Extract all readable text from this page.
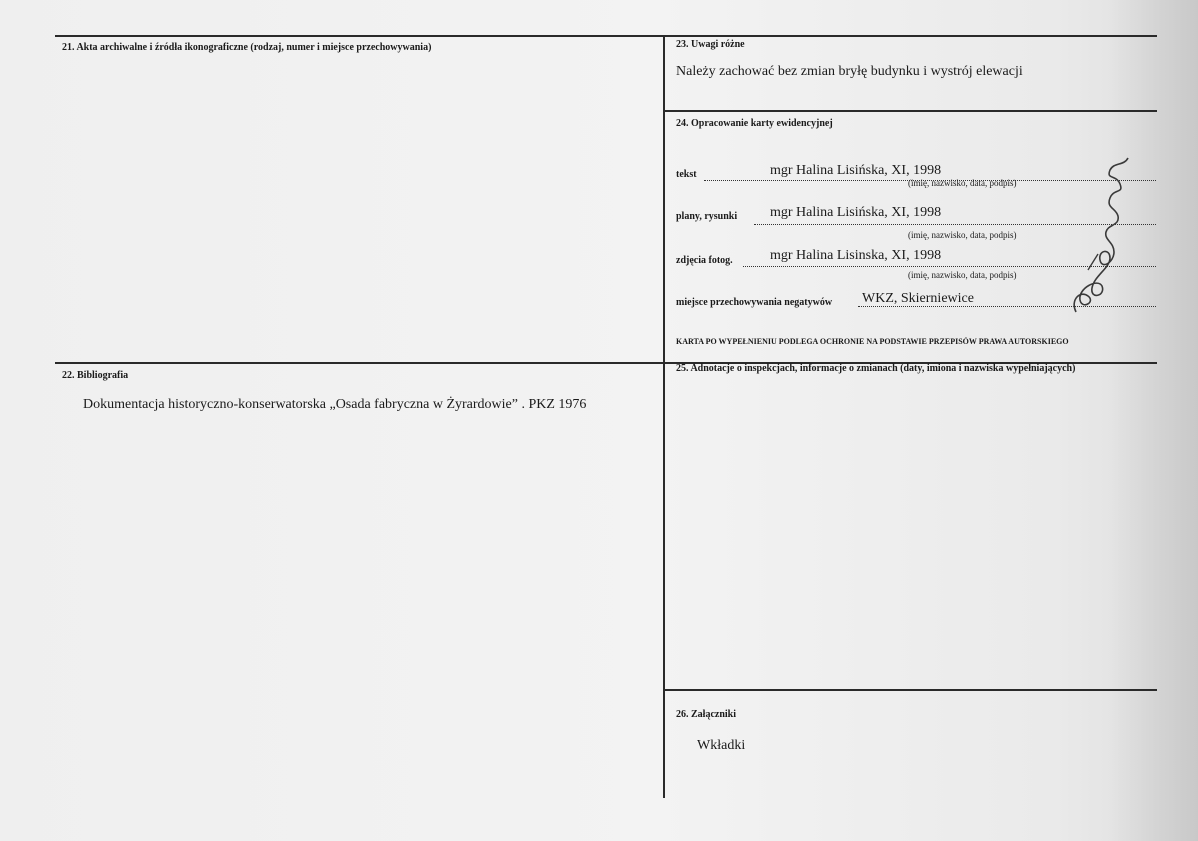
21. Akta archiwalne i źródła ikonograficzne (rodzaj, numer i miejsce przechowywania)	23. Uwagi różne
Należy zachować bez zmian bryłę budynku i wystrój elewacji
24. Opracowanie karty ewidencyjnej
tekst	mgr Halina Lisińska, XI, 1998
(imię, nazwisko, data, podpis)
plany, rysunki mgr Halina Lisińska, XI, 1998
(imię, nazwisko, data, podpis)
zdjęcia fotog.	mgr Halina Lisinska, XI, 1998
(imię, nazwisko, data, podpis)
miejsce przechowywania negatywów WKZ, Skierniewice
KARTA PO WYPEŁNIENIU PODLEGA OCHRONIE NA PODSTAWIE PRZEPISÓW PRAWA AUTORSKIEGO
22. Bibliografia
Dokumentacja historyczno-konserwatorska „Osada fabryczna w Żyrardowie” . PKZ 1976
25. Adnotacje o inspekcjach, informacje o zmianach (daty, imiona i nazwiska wypełniających)
26. Załączniki
Wkładki
